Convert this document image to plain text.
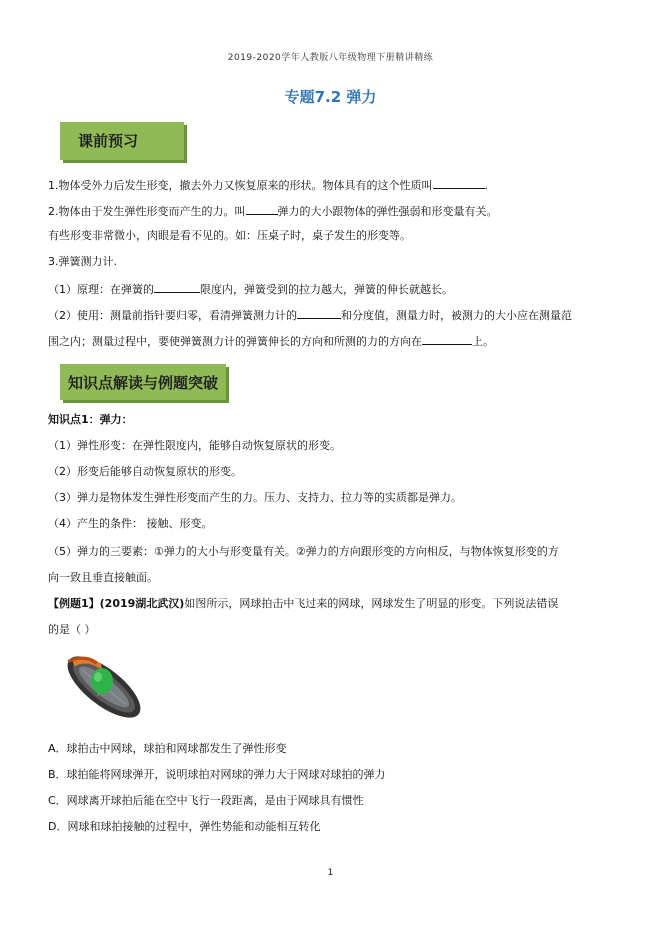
2019-2020学年人教版八年级物理下册精讲精练
专题7.2 弹力
课前预习
1.物体受外力后发生形变，撤去外力又恢复原来的形状。物体具有的这个性质叫	.
2.物体由于发生弹性形变而产生的力。叫	弹力的大小跟物体的弹性强弱和形变量有关。
有些形变非常微小，肉眼是看不见的。如：压桌子时，桌子发生的形变等。
3.弹簧测力计.
（1）原理：在弹簧的	限度内，弹簧受到的拉力越大，弹簧的伸长就越长。
（2）使用：测量前指针要归零，看清弹簧测力计的	和分度值，测量力时，被测力的大小应在测量范
围之内；测量过程中，要使弹簧测力计的弹簧伸长的方向和所测的力的方向在	上。
知识点解读与例题突破
知识点1：弹力：
（1）弹性形变：在弹性限度内，能够自动恢复原状的形变。
（2）形变后能够自动恢复原状的形变。
（3）弹力是物体发生弹性形变而产生的力。压力、支持力、拉力等的实质都是弹力。
（4）产生的条件： 接触、形变。
（5）弹力的三要素：①弹力的大小与形变量有关。②弹力的方向跟形变的方向相反，与物体恢复形变的方
向一致且垂直接触面。
【例题1】(2019湖北武汉)如图所示，网球拍击中飞过来的网球，网球发生了明显的形变。下列说法错误
的是（ ）
A．球拍击中网球，球拍和网球都发生了弹性形变
B．球拍能将网球弹开，说明球拍对网球的弹力大于网球对球拍的弹力
C．网球离开球拍后能在空中飞行一段距离，是由于网球具有惯性
D．网球和球拍接触的过程中，弹性势能和动能相互转化
1
